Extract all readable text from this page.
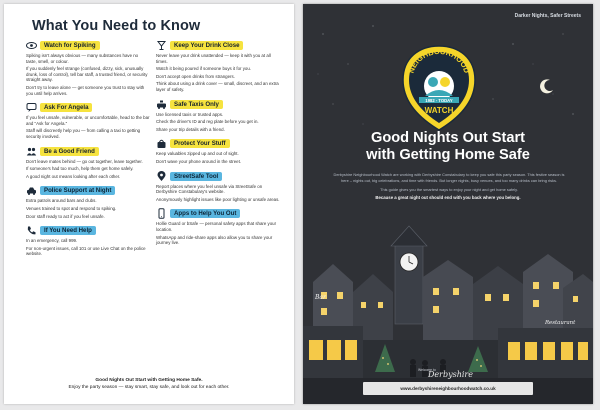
What You Need to Know
Watch for Spiking

Spiking isn't always obvious — many substances have no taste, smell, or colour.

If you suddenly feel strange (confused, dizzy, sick, unusually drunk, loss of control), tell bar staff, a trusted friend, or security straight away.

Don't try to leave alone — get someone you trust to stay with you until help arrives.

Ask For Angela

If you feel unsafe, vulnerable, or uncomfortable, head to the bar and "Ask for Angela."

Staff will discreetly help you — from calling a taxi to getting security involved.

Be a Good Friend

Don't leave mates behind — go out together, leave together.

If someone's had too much, help them get home safely.

A good night out means looking after each other.

Police Support at Night

Extra patrols around bars and clubs.

Venues trained to spot and respond to spiking.

Door staff ready to act if you feel unsafe.

If You Need Help

In an emergency, call 999.

For non-urgent issues, call 101 or use Live Chat on the police website.

Keep Your Drink Close

Never leave your drink unattended — keep it with you at all times.

Watch it being poured if someone buys it for you.

Don't accept open drinks from strangers.

Think about using a drink cover — small, discreet, and an extra layer of safety.

Safe Taxis Only

Use licensed taxis or trusted apps.

Check the driver's ID and reg plate before you get in.

Share your trip details with a friend.

Protect Your Stuff

Keep valuables zipped up and out of sight.

Don't wave your phone around in the street.

StreetSafe Tool

Report places where you feel unsafe via StreetSafe on Derbyshire Constabulary's website.

Anonymously highlight issues like poor lighting or unsafe areas.

Apps to Help You Out

Hollie Guard or bSafe — personal safety apps that share your location.

WhatsApp and ride-share apps also allow you to share your journey live.

Good Nights Out Start with Getting Home Safe.
Enjoy the party season — stay smart, stay safe, and look out for each other.
Darker Nights, Safer Streets
NEIGHBOURHOOD
1982 - TODAY
WATCH
Good Nights Out Start
with Getting Home Safe
Derbyshire Neighbourhood Watch are working with Derbyshire Constabulary to keep you safe this party season. This festive season is here – nights out, big celebrations, and time with friends. But longer nights, busy venues, and too many drinks can bring risks.
This guide gives you the smartest ways to enjoy your night and get home safely.
Because a great night out should end with you back where you belong.
Bar
Restaurant
Welcome to
Derbyshire
www.derbyshireneighbourhoodwatch.co.uk
